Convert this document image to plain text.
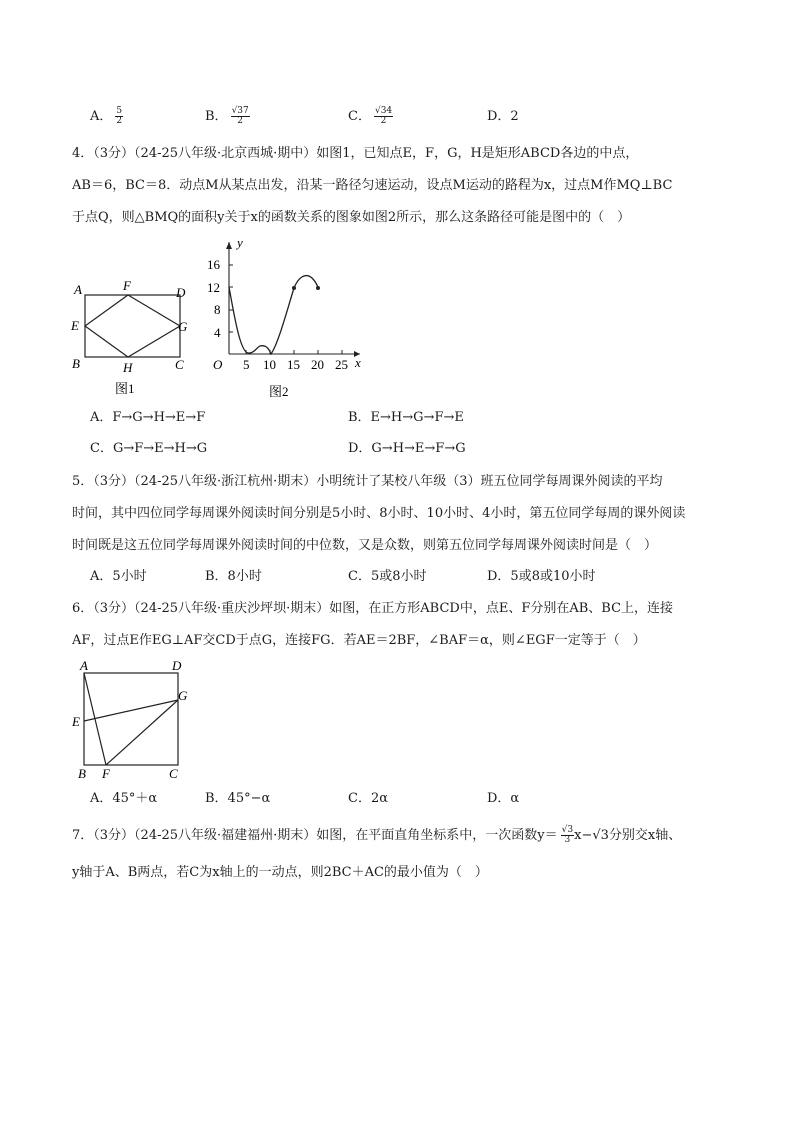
A． $\frac{5}{2}$	B． $\frac{√37}{2}$	C． $\frac{√34}{2}$	D．2
4．（3分）（24-25八年级·北京西城·期中）如图1，已知点E，F，G，H是矩形ABCD各边的中点，
AB＝6，BC＝8．动点M从某点出发，沿某一路径匀速运动，设点M运动的路程为x，过点M作MQ⊥BC
于点Q，则△BMQ的面积y关于x的函数关系的图象如图2所示，那么这条路径可能是图中的（　）
A	F	D
E	G
B	H	C
图1
16
12
8
4
5 10 15 20 25
O
y
x
图2
A．F→G→H→E→F	B．E→H→G→F→E
C．G→F→E→H→G	D．G→H→E→F→G
5．（3分）（24-25八年级·浙江杭州·期末）小明统计了某校八年级（3）班五位同学每周课外阅读的平均
时间，其中四位同学每周课外阅读时间分别是5小时、8小时、10小时、4小时，第五位同学每周的课外阅读
时间既是这五位同学每周课外阅读时间的中位数，又是众数，则第五位同学每周课外阅读时间是（　）
A．5小时	B．8小时	C．5或8小时	D．5或8或10小时
6．（3分）（24-25八年级·重庆沙坪坝·期末）如图，在正方形ABCD中，点E、F分别在AB、BC上，连接
AF，过点E作EG⊥AF交CD于点G，连接FG．若AE＝2BF，∠BAF＝α，则∠EGF一定等于（　）
A	D
G
E
B F	C
A．45°＋α	B．45°−α	C．2α	D．α
7．（3分）（24-25八年级·福建福州·期末）如图，在平面直角坐标系中，一次函数$y= \frac{√3}{3} x-√3$分别交x轴、
y轴于A、B两点，若C为x轴上的一动点，则2BC＋AC的最小值为（　）
